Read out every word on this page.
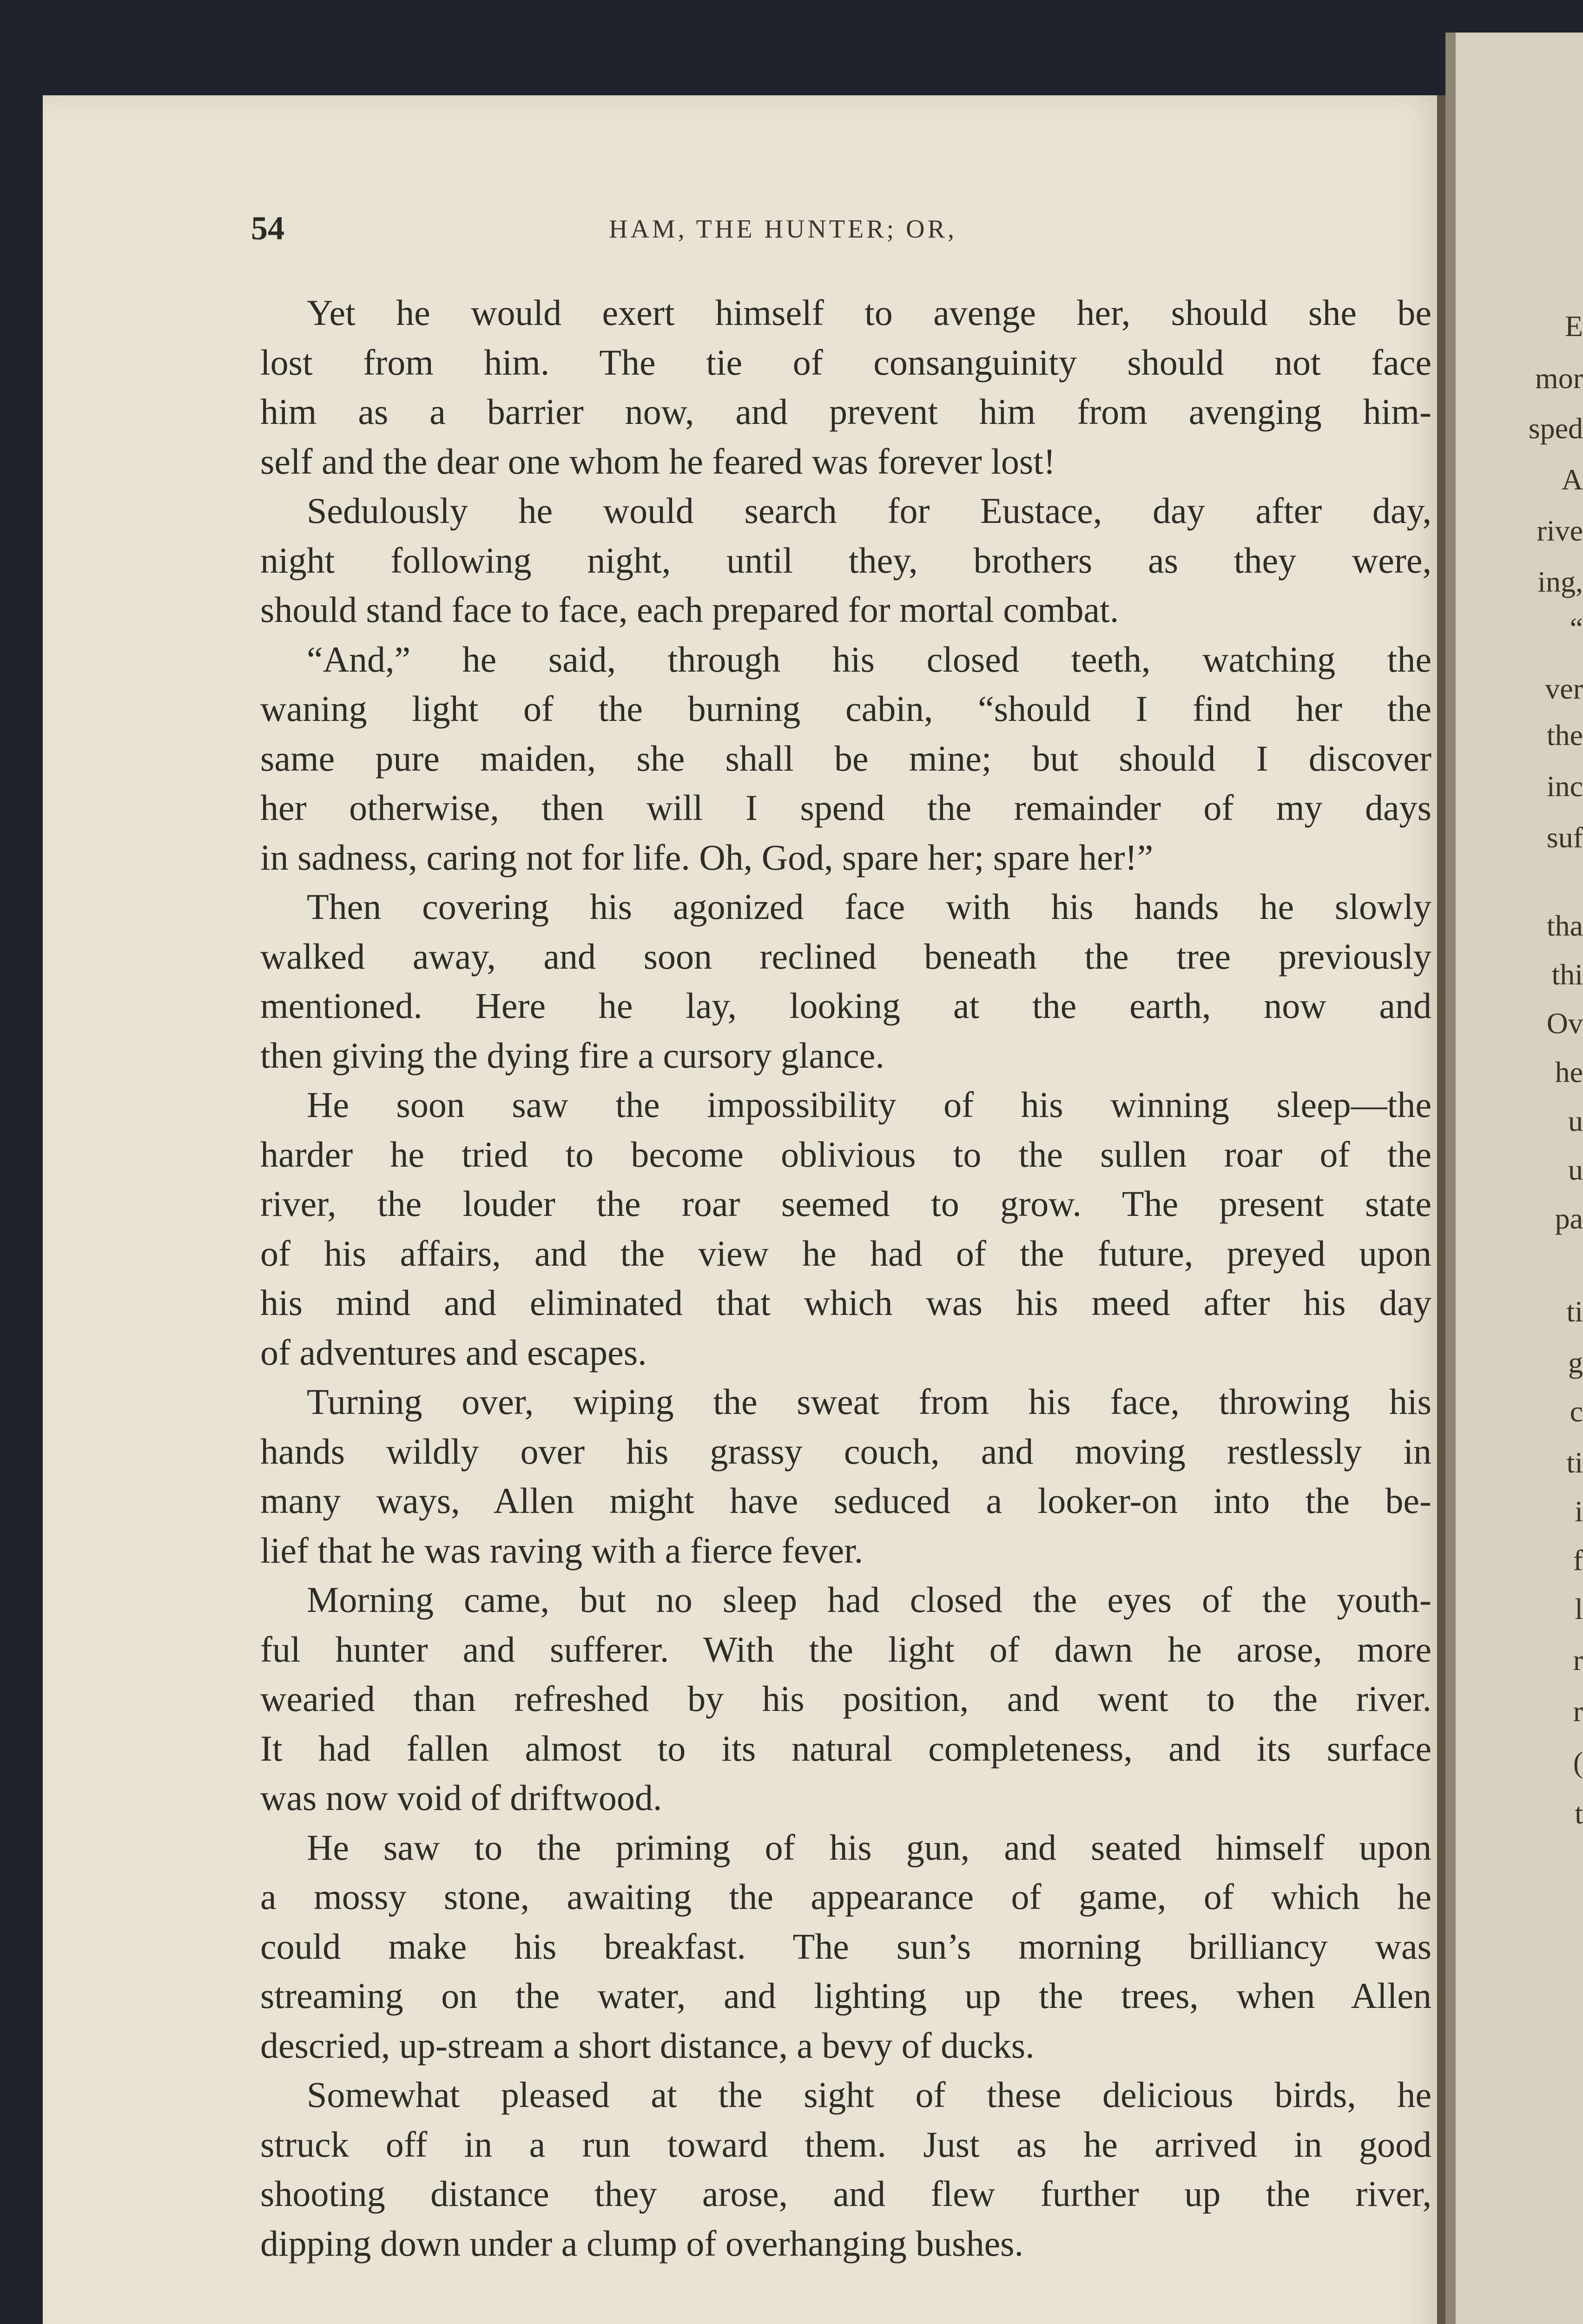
E
mor
sped
A
rive
ing,
“
ver
the
inc
suf
tha
thi
Ov
he
u
u
pa
ti
g
c
ti
i
f
l
r
r
(
t
54	HAM, THE HUNTER; OR,
Yet he would exert himself to avenge her, should she be
lost from him. The tie of consanguinity should not face
him as a barrier now, and prevent him from avenging him-
self and the dear one whom he feared was forever lost!
Sedulously he would search for Eustace, day after day,
night following night, until they, brothers as they were,
should stand face to face, each prepared for mortal combat.
“And,” he said, through his closed teeth, watching the
waning light of the burning cabin, “should I find her the
same pure maiden, she shall be mine; but should I discover
her otherwise, then will I spend the remainder of my days
in sadness, caring not for life. Oh, God, spare her; spare her!”
Then covering his agonized face with his hands he slowly
walked away, and soon reclined beneath the tree previously
mentioned. Here he lay, looking at the earth, now and
then giving the dying fire a cursory glance.
He soon saw the impossibility of his winning sleep—the
harder he tried to become oblivious to the sullen roar of the
river, the louder the roar seemed to grow. The present state
of his affairs, and the view he had of the future, preyed upon
his mind and eliminated that which was his meed after his day
of adventures and escapes.
Turning over, wiping the sweat from his face, throwing his
hands wildly over his grassy couch, and moving restlessly in
many ways, Allen might have seduced a looker-on into the be-
lief that he was raving with a fierce fever.
Morning came, but no sleep had closed the eyes of the youth-
ful hunter and sufferer. With the light of dawn he arose, more
wearied than refreshed by his position, and went to the river.
It had fallen almost to its natural completeness, and its surface
was now void of driftwood.
He saw to the priming of his gun, and seated himself upon
a mossy stone, awaiting the appearance of game, of which he
could make his breakfast. The sun’s morning brilliancy was
streaming on the water, and lighting up the trees, when Allen
descried, up-stream a short distance, a bevy of ducks.
Somewhat pleased at the sight of these delicious birds, he
struck off in a run toward them. Just as he arrived in good
shooting distance they arose, and flew further up the river,
dipping down under a clump of overhanging bushes.
